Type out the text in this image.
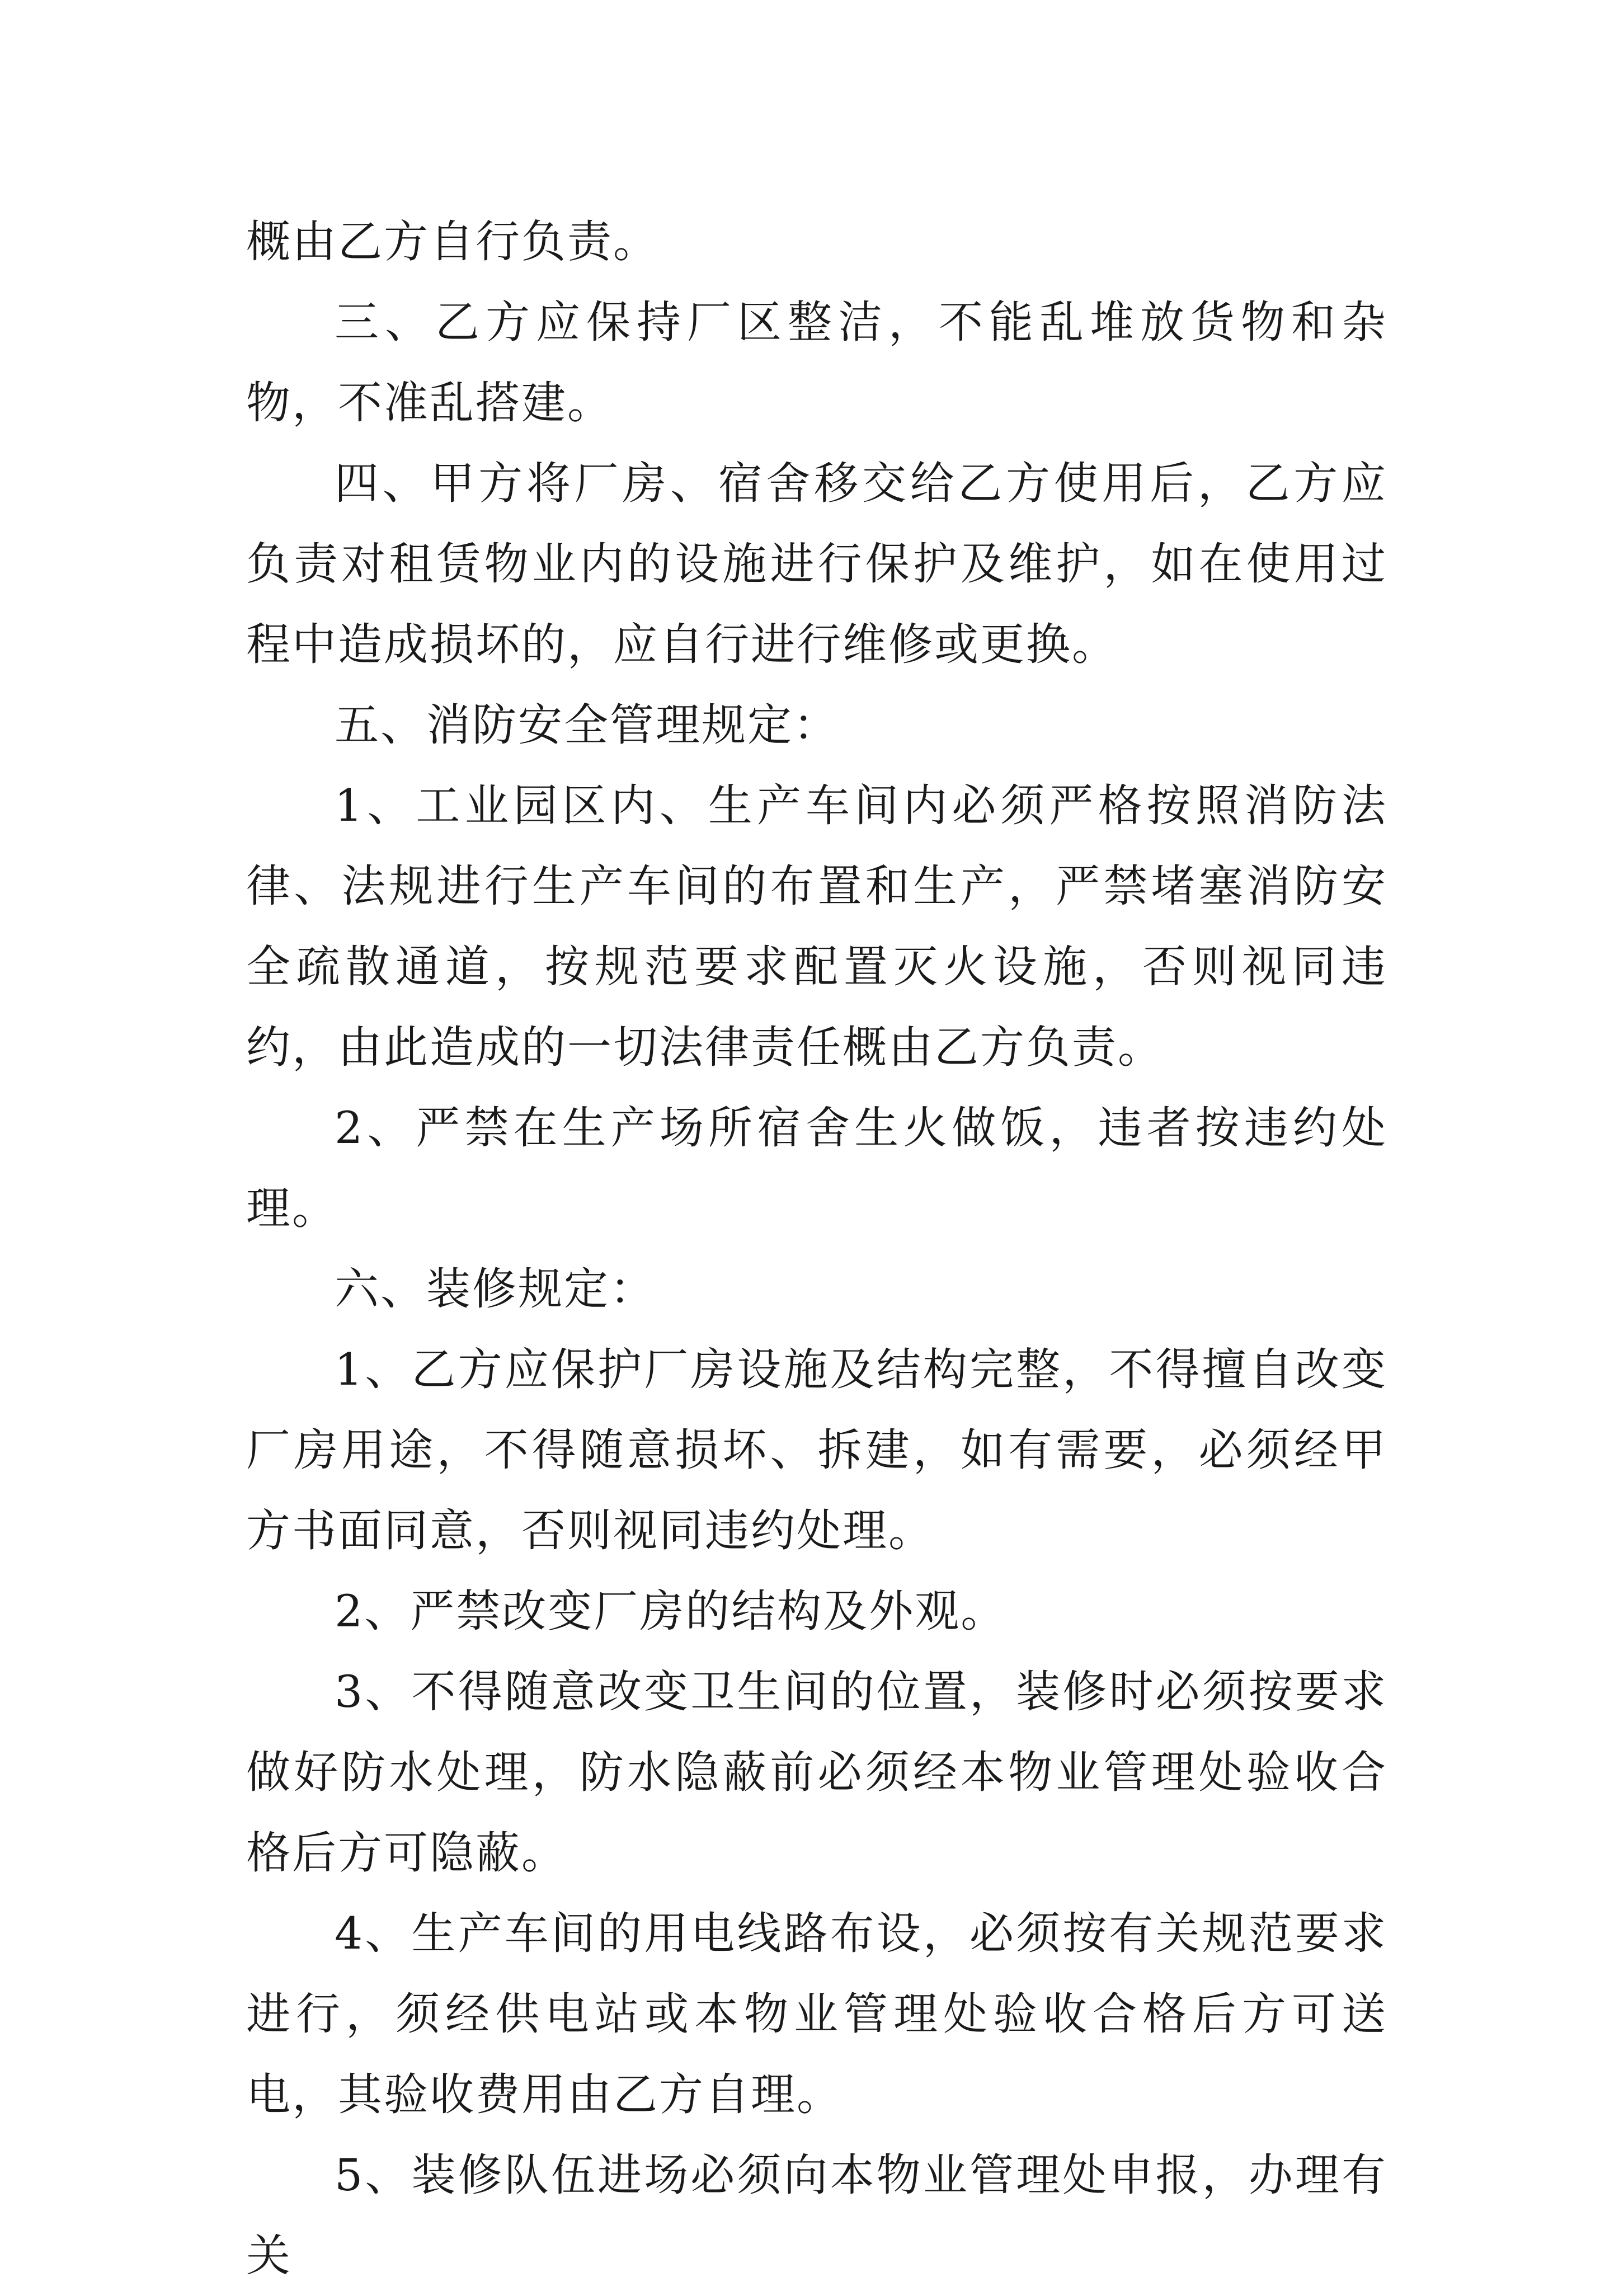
概由乙方自行负责。

三、乙方应保持厂区整洁，不能乱堆放货物和杂物，不准乱搭建。

四、甲方将厂房、宿舍移交给乙方使用后，乙方应负责对租赁物业内的设施进行保护及维护，如在使用过程中造成损坏的，应自行进行维修或更换。

五、消防安全管理规定：

1、工业园区内、生产车间内必须严格按照消防法律、法规进行生产车间的布置和生产，严禁堵塞消防安全疏散通道，按规范要求配置灭火设施，否则视同违约，由此造成的一切法律责任概由乙方负责。

2、严禁在生产场所宿舍生火做饭，违者按违约处理。

六、装修规定：

1、乙方应保护厂房设施及结构完整，不得擅自改变厂房用途，不得随意损坏、拆建，如有需要，必须经甲方书面同意，否则视同违约处理。

2、严禁改变厂房的结构及外观。

3、不得随意改变卫生间的位置，装修时必须按要求做好防水处理，防水隐蔽前必须经本物业管理处验收合格后方可隐蔽。

4、生产车间的用电线路布设，必须按有关规范要求进行，须经供电站或本物业管理处验收合格后方可送电，其验收费用由乙方自理。

5、装修队伍进场必须向本物业管理处申报，办理有关
